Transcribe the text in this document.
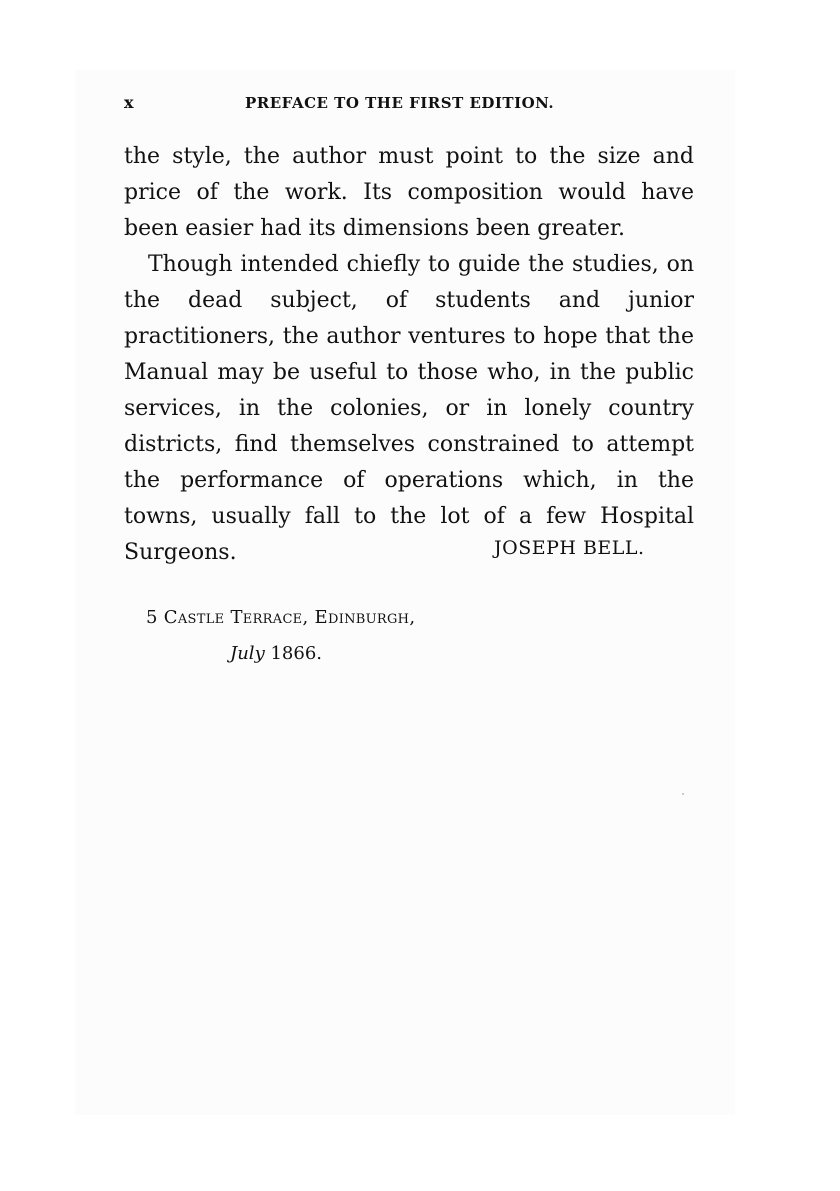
x	PREFACE TO THE FIRST EDITION.

the style, the author must point to the size and price of the work. Its composition would have been easier had its dimensions been greater.

Though intended chiefly to guide the studies, on the dead subject, of students and junior practitioners, the author ventures to hope that the Manual may be useful to those who, in the public services, in the colonies, or in lonely country districts, find themselves constrained to attempt the performance of operations which, in the towns, usually fall to the lot of a few Hospital Surgeons.	JOSEPH BELL.
5 Castle Terrace, Edinburgh,
July 1866.
